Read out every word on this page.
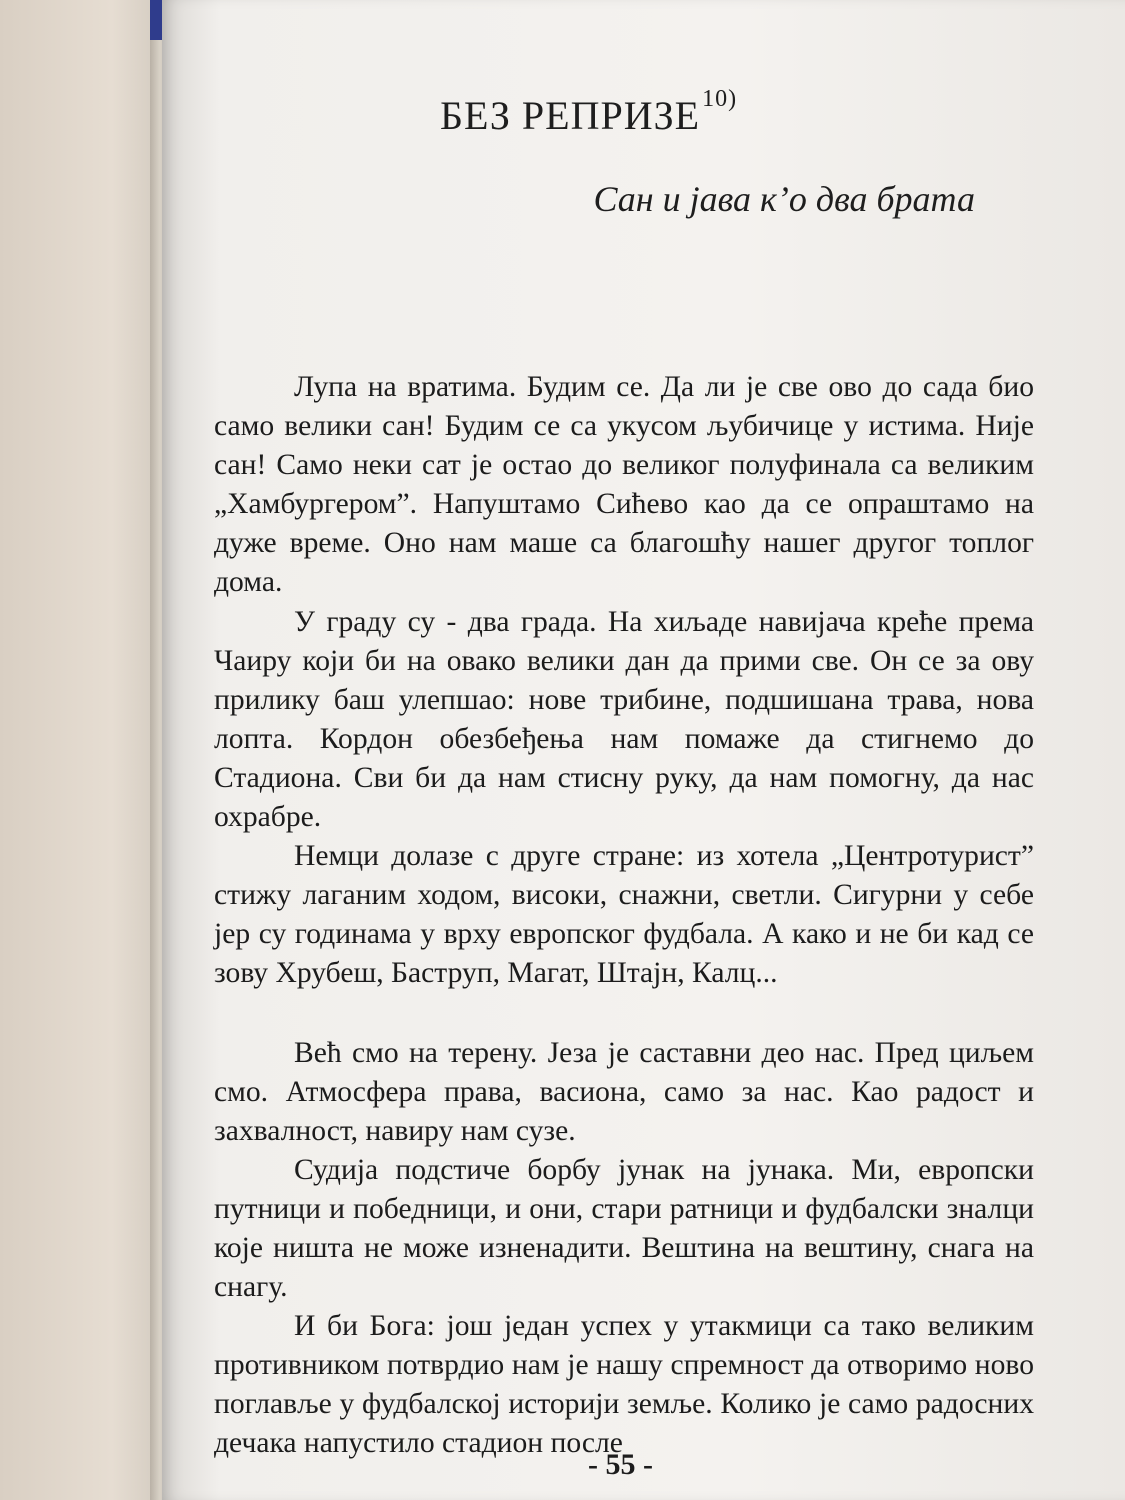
БЕЗ РЕПРИЗЕ$^{10)}$

Сан и јава к’о два брата

Лупа на вратима. Будим се. Да ли је све ово до сада био само велики сан! Будим се са укусом љубичице у истима. Није сан! Само неки сат је остао до великог полуфинала са великим „Хамбургером”. Напуштамо Сићево као да се опраштамо на дуже време. Оно нам маше са благошћу нашег другог топлог дома.

У граду су - два града. На хиљаде навијача креће према Чаиру који би на овако велики дан да прими све. Он се за ову прилику баш улепшао: нове трибине, подшишана трава, нова лопта. Кордон обезбеђења нам помаже да стигнемо до Стадиона. Сви би да нам стисну руку, да нам помогну, да нас охрабре.

Немци долазе с друге стране: из хотела „Центротурист” стижу лаганим ходом, високи, снажни, светли. Сигурни у себе јер су годинама у врху европског фудбала. А како и не би кад се зову Хрубеш, Баструп, Магат, Штајн, Калц...

Већ смо на терену. Језа је саставни део нас. Пред циљем смо. Атмосфера права, васиона, само за нас. Као радост и захвалност, навиру нам сузе.

Судија подстиче борбу јунак на јунака. Ми, европски путници и победници, и они, стари ратници и фудбалски зналци које ништа не може изненадити. Вештина на вештину, снага на снагу.

И би Бога: још један успех у утакмици са тако великим противником потврдио нам је нашу спремност да отворимо ново поглавље у фудбалској историји земље. Колико је само радосних дечака напустило стадион после

- 55 -
